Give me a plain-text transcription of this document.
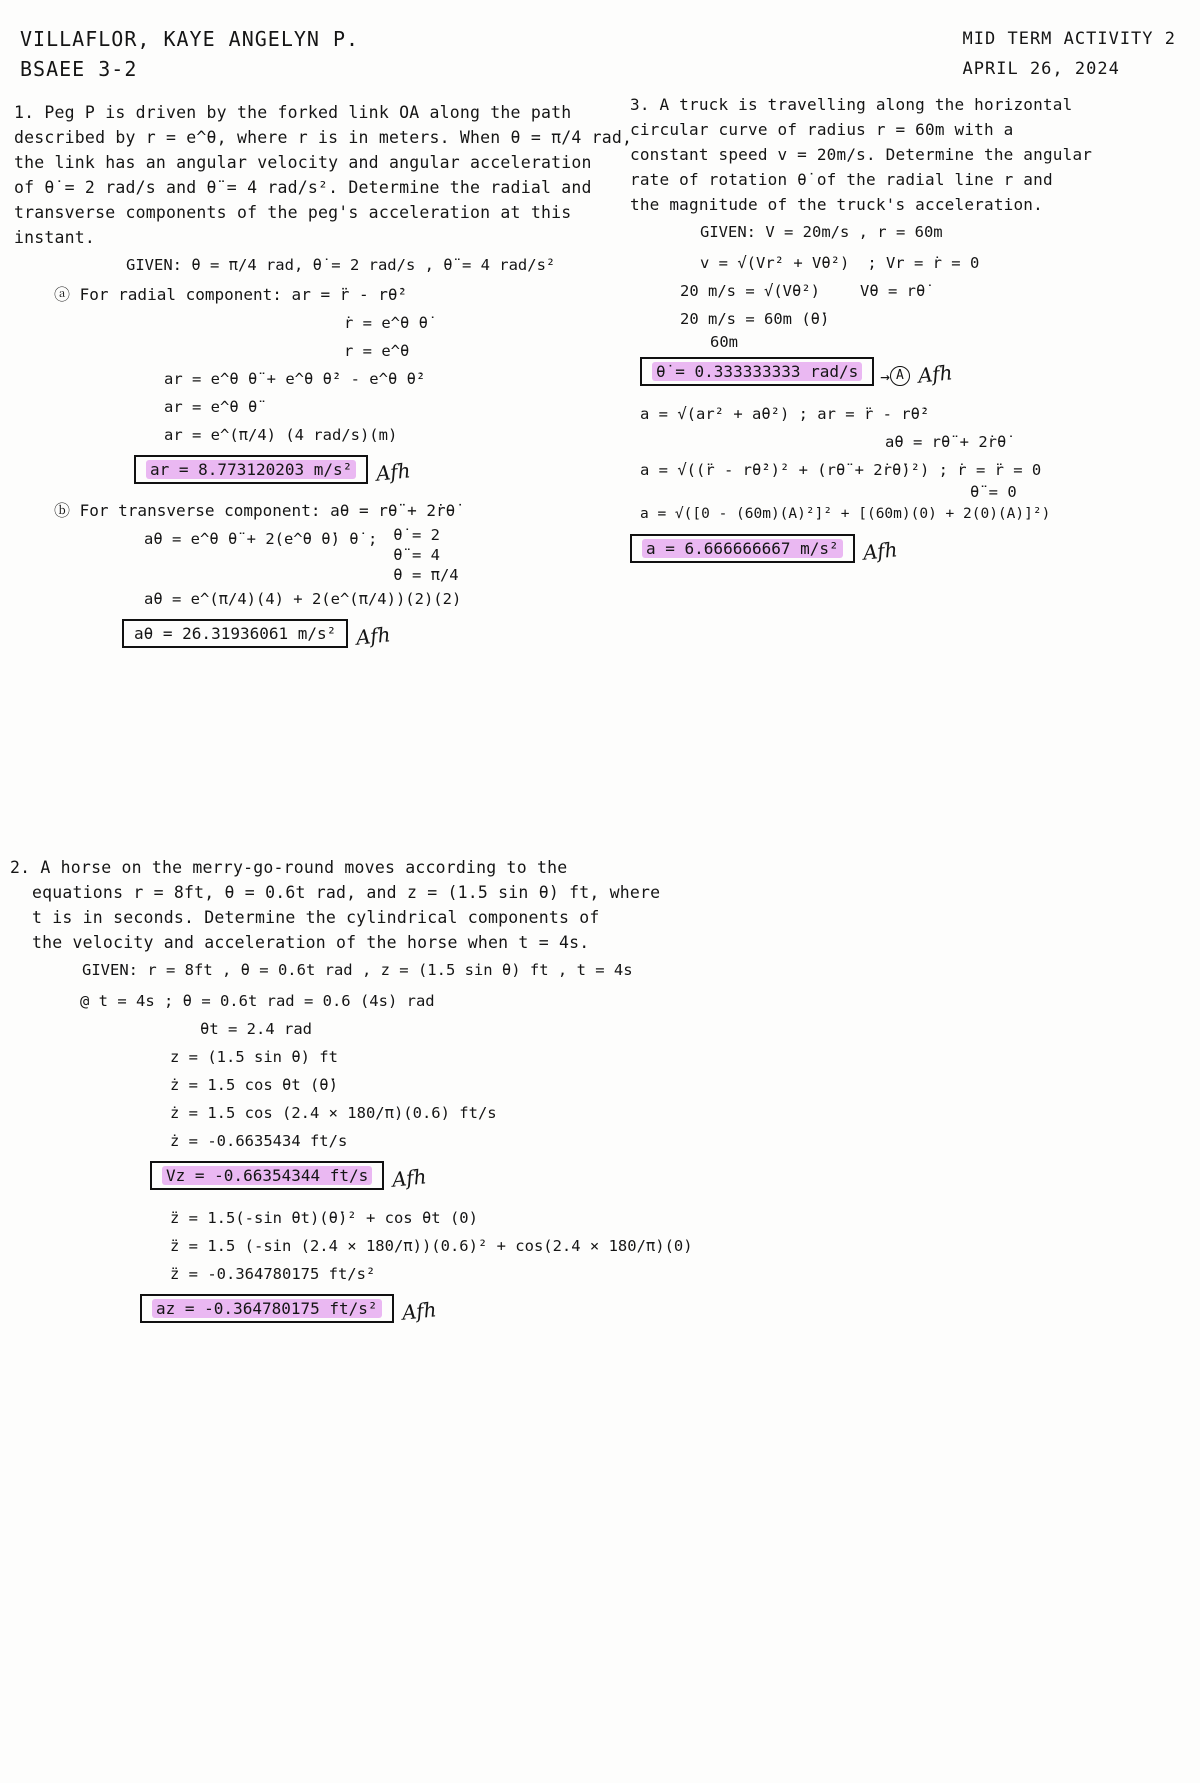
VILLAFLOR, KAYE ANGELYN P.
BSAEE 3-2
MID TERM ACTIVITY 2
APRIL 26, 2024
1. Peg P is driven by the forked link OA along the path
described by r = e^θ, where r is in meters. When θ = π/4 rad,
the link has an angular velocity and angular acceleration
of θ̇ = 2 rad/s and θ̈ = 4 rad/s². Determine the radial and
transverse components of the peg's acceleration at this
instant.
GIVEN: θ = π/4 rad, θ̇ = 2 rad/s , θ̈ = 4 rad/s²
ⓐ For radial component: ar = r̈ - rθ̇²
ṙ = e^θ θ̇
r = e^θ
ar = e^θ θ̈ + e^θ θ̇² - e^θ θ̇²
ar = e^θ θ̈
ar = e^(π/4) (4 rad/s)(m)
ar = 8.773120203 m/s²	Afh
ⓑ For transverse component: aθ = rθ̈ + 2ṙθ̇
aθ = e^θ θ̈ + 2(e^θ θ̇) θ̇ ; θ̇ = 2
θ̈ = 4
θ = π/4
aθ = e^(π/4)(4) + 2(e^(π/4))(2)(2)
aθ = 26.31936061 m/s² Afh
2. A horse on the merry-go-round moves according to the
equations r = 8ft, θ = 0.6t rad, and z = (1.5 sin θ) ft, where
t is in seconds. Determine the cylindrical components of
the velocity and acceleration of the horse when t = 4s.
GIVEN: r = 8ft , θ = 0.6t rad , z = (1.5 sin θ) ft , t = 4s
@ t = 4s ; θ = 0.6t rad = 0.6 (4s) rad
θt = 2.4 rad
z = (1.5 sin θ) ft
ż = 1.5 cos θt (θ̇)
ż = 1.5 cos (2.4 × 180/π)(0.6) ft/s
ż = -0.6635434 ft/s
Vz = -0.66354344 ft/s	Afh
z̈ = 1.5(-sin θt)(θ̇)² + cos θt (0)
z̈ = 1.5 (-sin (2.4 × 180/π))(0.6)² + cos(2.4 × 180/π)(0)
z̈ = -0.364780175 ft/s²
az = -0.364780175 ft/s²	Afh
3. A truck is travelling along the horizontal
circular curve of radius r = 60m with a
constant speed v = 20m/s. Determine the angular
rate of rotation θ̇ of the radial line r and
the magnitude of the truck's acceleration.
GIVEN: V = 20m/s , r = 60m
v = √(Vr² + Vθ²) ; Vr = ṙ = 0
20 m/s = √(Vθ²)	Vθ = rθ̇
20 m/s = 60m (θ̇)
60m
θ̇ = 0.333333333 rad/s	→ A Afh
a = √(ar² + aθ²) ; ar = r̈ - rθ̇²
aθ = rθ̈ + 2ṙθ̇
a = √((r̈ - rθ̇²)² + (rθ̈ + 2ṙθ̇)²) ; ṙ = r̈ = 0
θ̈ = 0
a = √([0 - (60m)(A)²]² + [(60m)(0) + 2(0)(A)]²)
a = 6.666666667 m/s²	Afh
